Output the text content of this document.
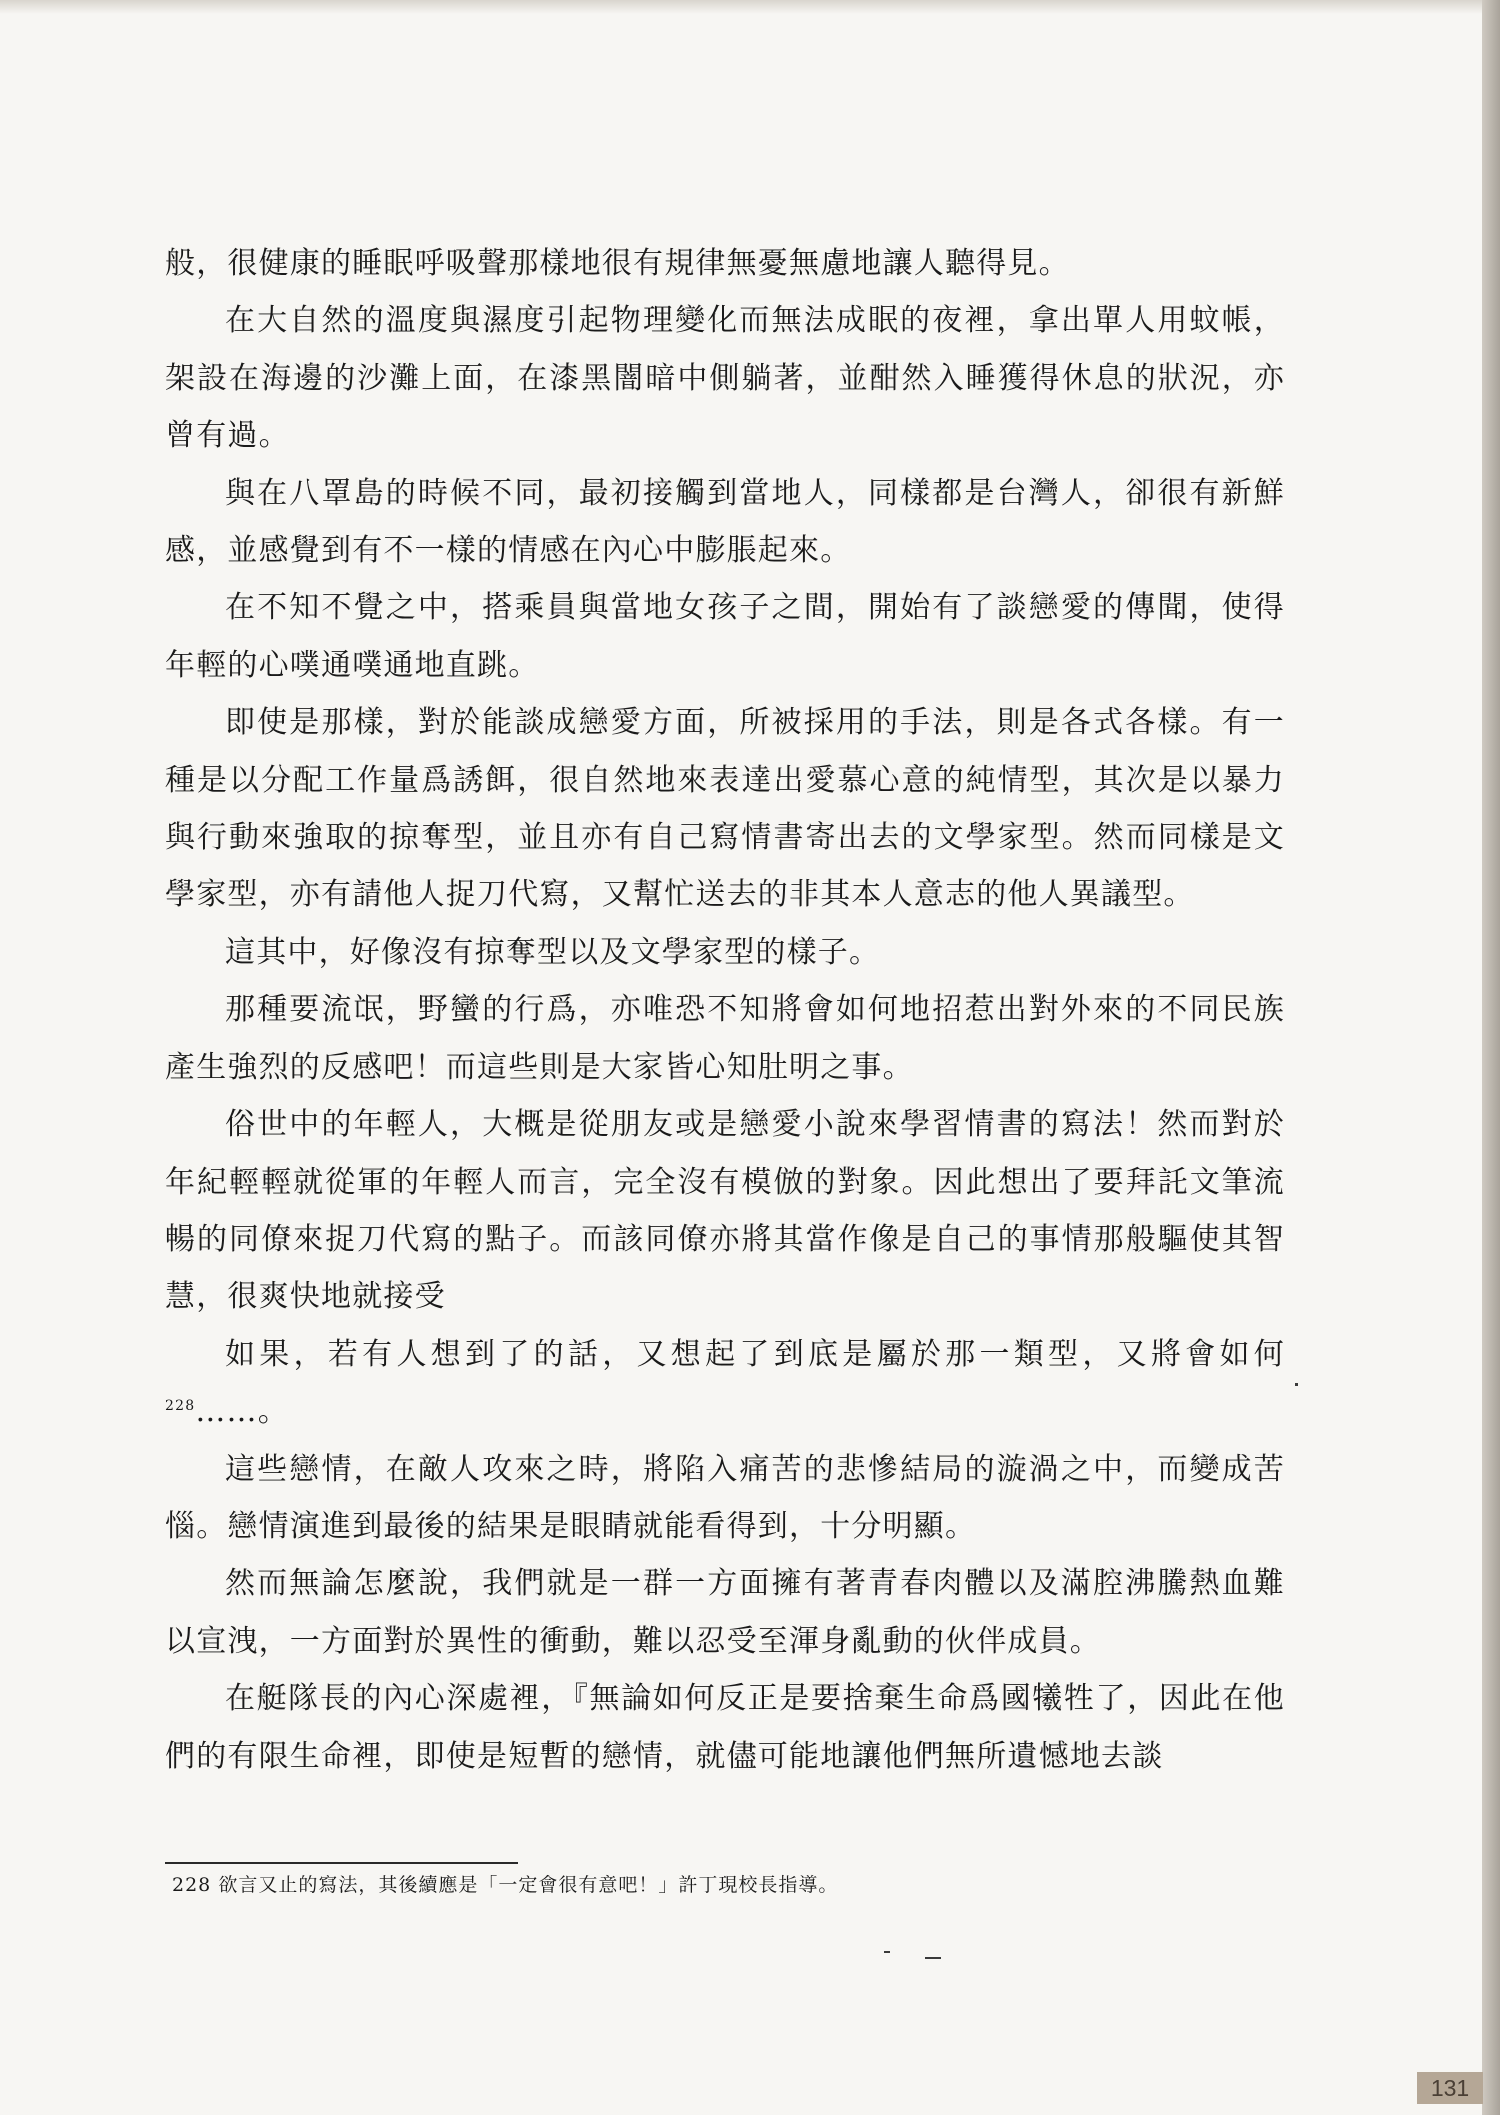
般，很健康的睡眠呼吸聲那樣地很有規律無憂無慮地讓人聽得見。

在大自然的溫度與濕度引起物理變化而無法成眠的夜裡，拿出單人用蚊帳，架設在海邊的沙灘上面，在漆黑闇暗中側躺著，並酣然入睡獲得休息的狀況，亦曾有過。

與在八罩島的時候不同，最初接觸到當地人，同樣都是台灣人，卻很有新鮮感，並感覺到有不一樣的情感在內心中膨脹起來。

在不知不覺之中，搭乘員與當地女孩子之間，開始有了談戀愛的傳聞，使得年輕的心噗通噗通地直跳。

即使是那樣，對於能談成戀愛方面，所被採用的手法，則是各式各樣。有一種是以分配工作量爲誘餌，很自然地來表達出愛慕心意的純情型，其次是以暴力與行動來強取的掠奪型，並且亦有自己寫情書寄出去的文學家型。然而同樣是文學家型，亦有請他人捉刀代寫，又幫忙送去的非其本人意志的他人異議型。

這其中，好像沒有掠奪型以及文學家型的樣子。

那種要流氓，野蠻的行爲，亦唯恐不知將會如何地招惹出對外來的不同民族產生強烈的反感吧！而這些則是大家皆心知肚明之事。

俗世中的年輕人，大概是從朋友或是戀愛小說來學習情書的寫法！然而對於年紀輕輕就從軍的年輕人而言，完全沒有模倣的對象。因此想出了要拜託文筆流暢的同僚來捉刀代寫的點子。而該同僚亦將其當作像是自己的事情那般驅使其智慧，很爽快地就接受

如果，若有人想到了的話，又想起了到底是屬於那一類型，又將會如何 $^{228}$……。

這些戀情，在敵人攻來之時，將陷入痛苦的悲慘結局的漩渦之中，而變成苦惱。戀情演進到最後的結果是眼睛就能看得到，十分明顯。

然而無論怎麼說，我們就是一群一方面擁有著青春肉體以及滿腔沸騰熱血難以宣洩，一方面對於異性的衝動，難以忍受至渾身亂動的伙伴成員。

在艇隊長的內心深處裡，『無論如何反正是要捨棄生命爲國犧牲了，因此在他們的有限生命裡，即使是短暫的戀情，就儘可能地讓他們無所遺憾地去談

228 欲言又止的寫法，其後續應是「一定會很有意吧！」許丁現校長指導。
131
